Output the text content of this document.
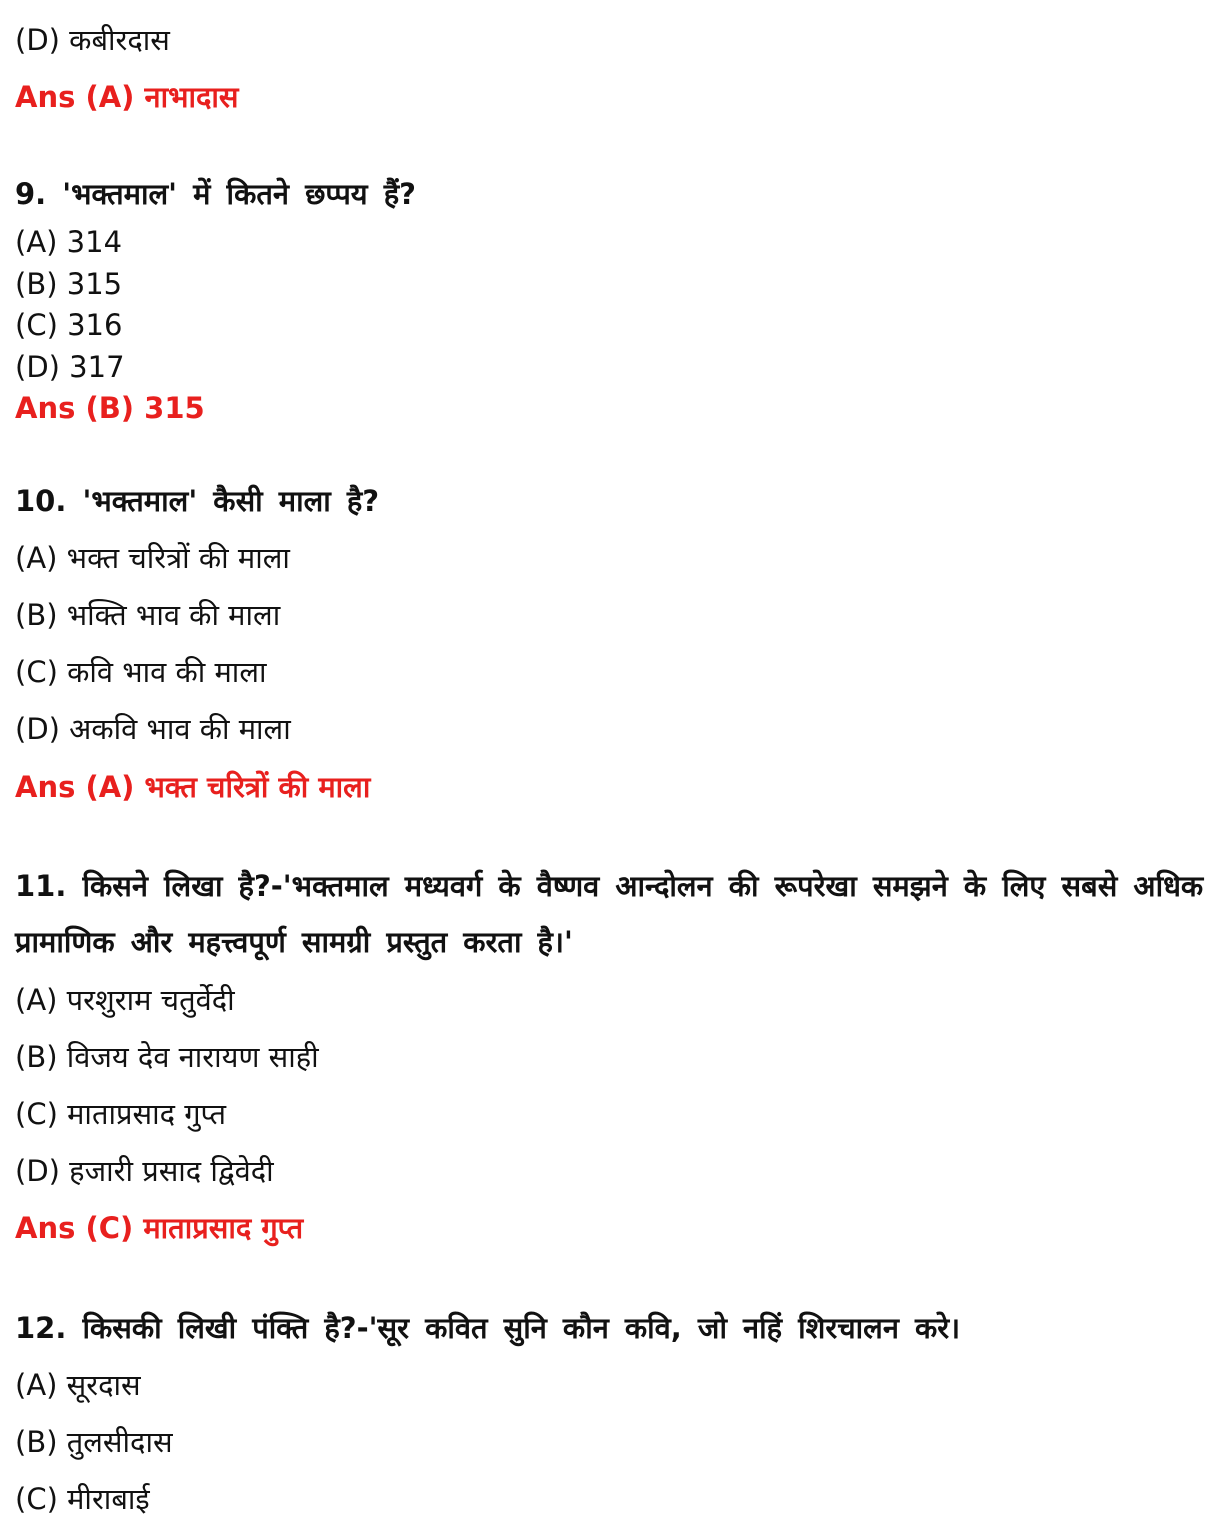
(D) कबीरदास
Ans (A) नाभादास
9. 'भक्तमाल' में कितने छप्पय हैं?
(A) 314
(B) 315
(C) 316
(D) 317
Ans (B) 315
10. 'भक्तमाल' कैसी माला है?
(A) भक्त चरित्रों की माला
(B) भक्ति भाव की माला
(C) कवि भाव की माला
(D) अकवि भाव की माला
Ans (A) भक्त चरित्रों की माला
11. किसने लिखा है?-'भक्तमाल मध्यवर्ग के वैष्णव आन्दोलन की रूपरेखा समझने के लिए सबसे अधिक प्रामाणिक और महत्त्वपूर्ण सामग्री प्रस्तुत करता है।'
(A) परशुराम चतुर्वेदी
(B) विजय देव नारायण साही
(C) माताप्रसाद गुप्त
(D) हजारी प्रसाद द्विवेदी
Ans (C) माताप्रसाद गुप्त
12. किसकी लिखी पंक्ति है?-'सूर कवित सुनि कौन कवि, जो नहिं शिरचालन करे।
(A) सूरदास
(B) तुलसीदास
(C) मीराबाई
